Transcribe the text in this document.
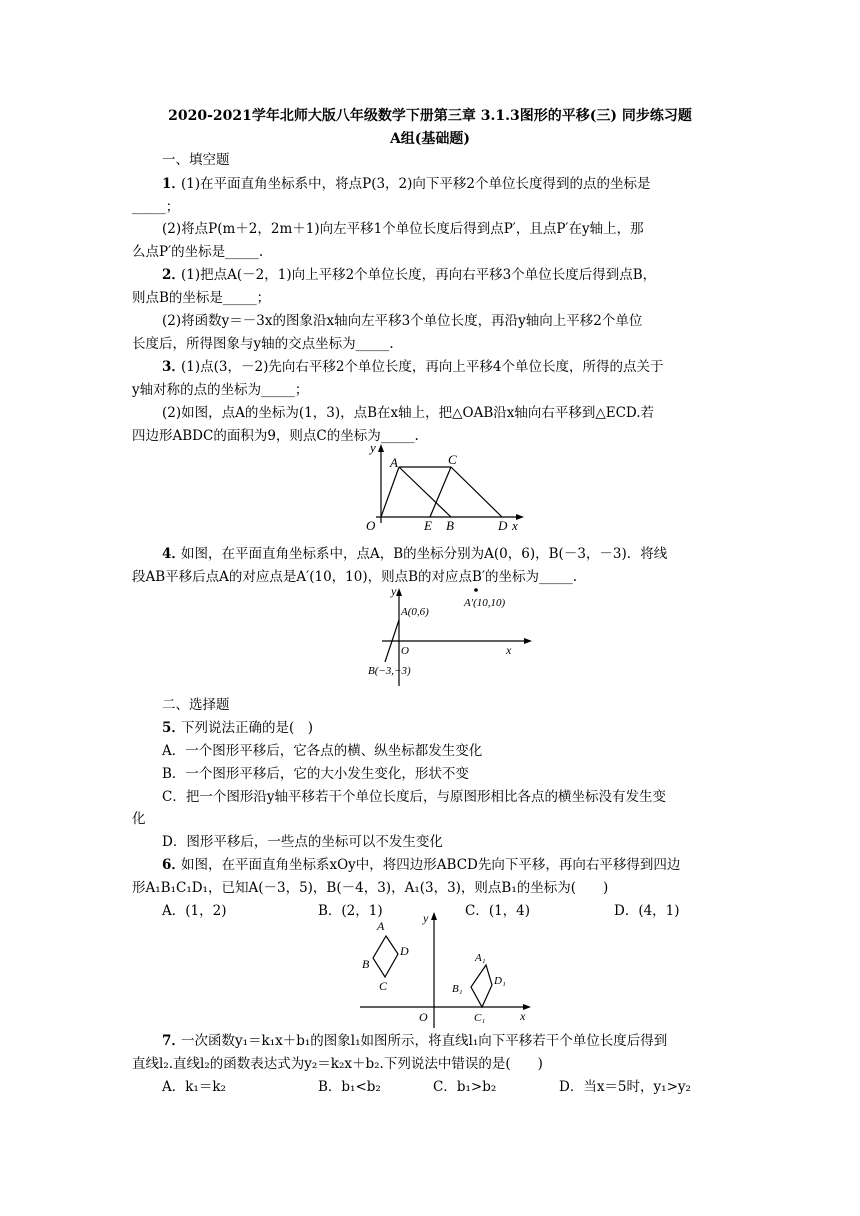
2020-2021学年北师大版八年级数学下册第三章 3.1.3图形的平移(三) 同步练习题
A组(基础题)
一、填空题
1．
(1)在平面直角坐标系中，将点P(3，2)向下平移2个单位长度得到的点的坐标是
_____；
(2)将点P(m＋2，2m＋1)向左平移1个单位长度后得到点P′，且点P′在y轴上，那
么点P′的坐标是_____.
2．
(1)把点A(－2，1)向上平移2个单位长度，再向右平移3个单位长度后得到点B，
则点B的坐标是_____；
(2)将函数y＝－3x的图象沿x轴向左平移3个单位长度，再沿y轴向上平移2个单位
长度后，所得图象与y轴的交点坐标为_____.
3．
(1)点(3，－2)先向右平移2个单位长度，再向上平移4个单位长度，所得的点关于
y轴对称的点的坐标为_____；
(2)如图，点A的坐标为(1，3)，点B在x轴上，把△OAB沿x轴向右平移到△ECD.若
四边形ABDC的面积为9，则点C的坐标为_____.
y
A	C
O	E B	D x
4．
如图，在平面直角坐标系中，点A，B的坐标分别为A(0，6)，B(－3，－3)．将线
段AB平移后点A的对应点是A′(10，10)，则点B的对应点B′的坐标为_____.
y
A(0,6)
A′(10,10)
O	x
B(−3,−3)
二、选择题
5．
下列说法正确的是(　)
A．一个图形平移后，它各点的横、纵坐标都发生变化
B．一个图形平移后，它的大小发生变化，形状不变
C．把一个图形沿y轴平移若干个单位长度后，与原图形相比各点的横坐标没有发生变
化
D．图形平移后，一些点的坐标可以不发生变化
6．
如图，在平面直角坐标系xOy中，将四边形ABCD先向下平移，再向右平移得到四边
形A₁B₁C₁D₁，已知A(－3，5)，B(－4，3)，A₁(3，3)，则点B₁的坐标为(　　)
A．(1，2)	B．(2，1)	C．(1，4)	D．(4，1)
y
A
B
D
C
A₁
D₁
B₁
C₁
O	x
7．
一次函数y₁＝k₁x＋b₁的图象l₁如图所示，将直线l₁向下平移若干个单位长度后得到
直线l₂.直线l₂的函数表达式为y₂＝k₂x＋b₂.下列说法中错误的是(　　)
A．k₁＝k₂	B．b₁<b₂	C．b₁>b₂	D．当x＝5时，y₁>y₂
